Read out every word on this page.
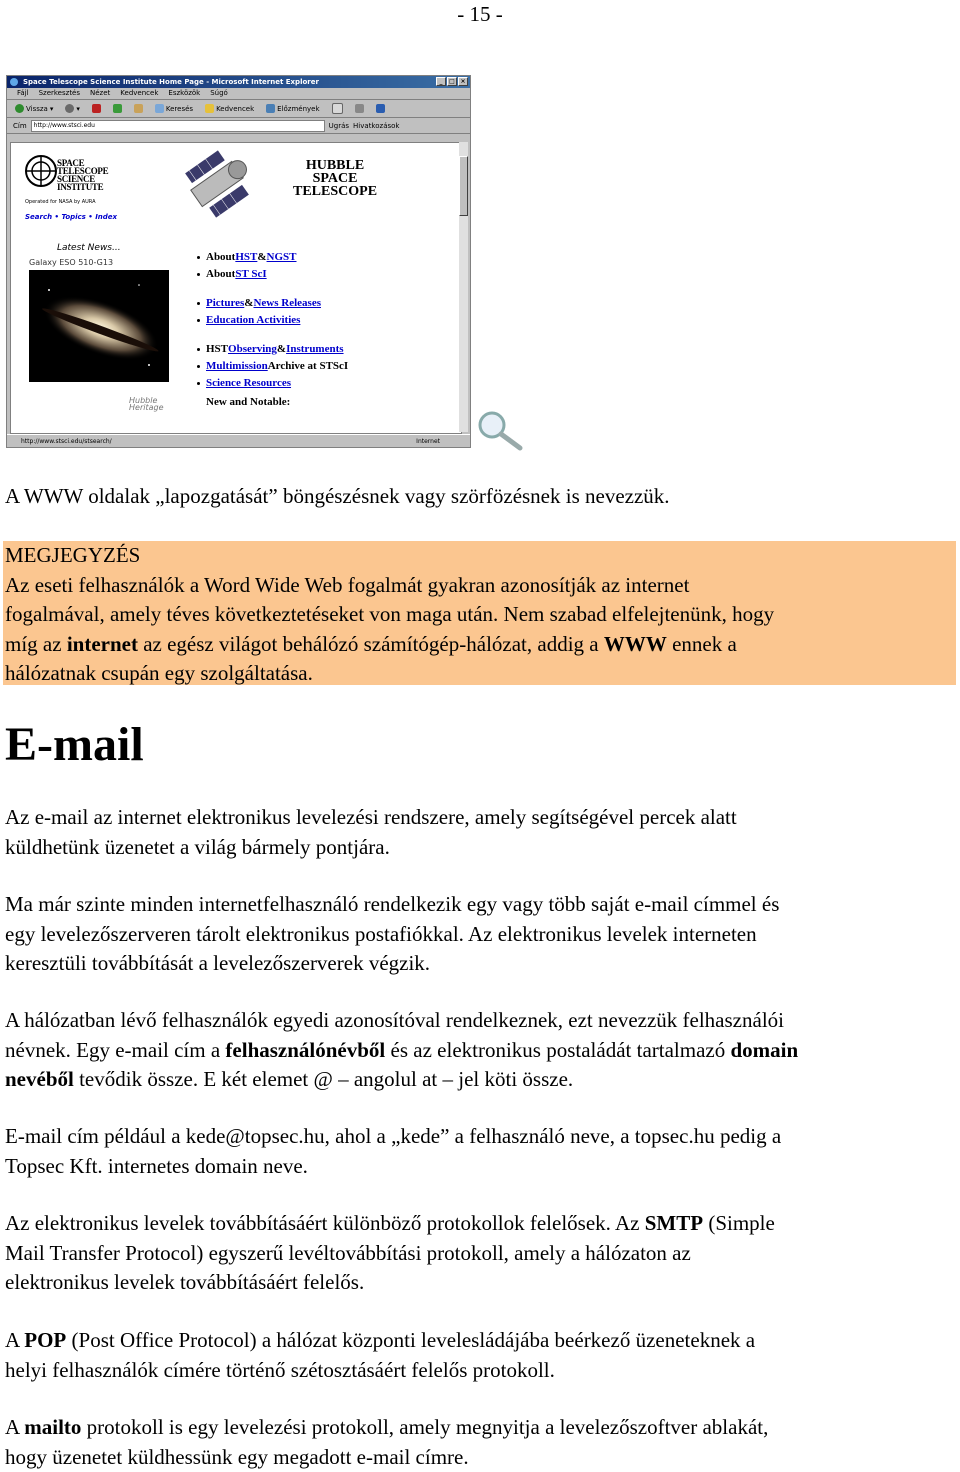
- 15 -
Space Telescope Science Institute Home Page - Microsoft Internet Explorer	_	□ ×
Fájl Szerkesztés Nézet Kedvencek Eszközök Súgó
Vissza ▾	▾	Keresés	Kedvencek	Előzmények
Cím	http://www.stsci.edu	Ugrás Hivatkozások
SPACE
TELESCOPE
SCIENCE
INSTITUTE
Operated for NASA by AURA
Search • Topics • Index
HUBBLE
SPACE
TELESCOPE
Latest News...
Galaxy ESO 510-G13
Hubble
Heritage
About HST & NGST
About ST ScI
Pictures & News Releases
Education Activities
HST Observing & Instruments
Multimission Archive at STScI
Science Resources
New and Notable:
http://www.stsci.edu/stsearch/	Internet
A WWW oldalak „lapozgatását” böngészésnek vagy szörfözésnek is nevezzük.
MEGJEGYZÉS
Az eseti felhasználók a Word Wide Web fogalmát gyakran azonosítják az internet
fogalmával, amely téves következtetéseket von maga után. Nem szabad elfelejtenünk, hogy
míg az internet az egész világot behálózó számítógép-hálózat, addig a WWW ennek a
hálózatnak csupán egy szolgáltatása.
E-mail
Az e-mail az internet elektronikus levelezési rendszere, amely segítségével percek alatt
küldhetünk üzenetet a világ bármely pontjára.
Ma már szinte minden internetfelhasználó rendelkezik egy vagy több saját e-mail címmel és
egy levelezőszerveren tárolt elektronikus postafiókkal. Az elektronikus levelek interneten
keresztüli továbbítását a levelezőszerverek végzik.
A hálózatban lévő felhasználók egyedi azonosítóval rendelkeznek, ezt nevezzük felhasználói
névnek. Egy e-mail cím a felhasználónévből és az elektronikus postaládát tartalmazó domain
nevéből tevődik össze. E két elemet @ – angolul at – jel köti össze.
E-mail cím például a kede@topsec.hu, ahol a „kede” a felhasználó neve, a topsec.hu pedig a
Topsec Kft. internetes domain neve.
Az elektronikus levelek továbbításáért különböző protokollok felelősek. Az SMTP (Simple
Mail Transfer Protocol) egyszerű levéltovábbítási protokoll, amely a hálózaton az
elektronikus levelek továbbításáért felelős.
A POP (Post Office Protocol) a hálózat központi levelesládájába beérkező üzeneteknek a
helyi felhasználók címére történő szétosztásáért felelős protokoll.
A mailto protokoll is egy levelezési protokoll, amely megnyitja a levelezőszoftver ablakát,
hogy üzenetet küldhessünk egy megadott e-mail címre.
